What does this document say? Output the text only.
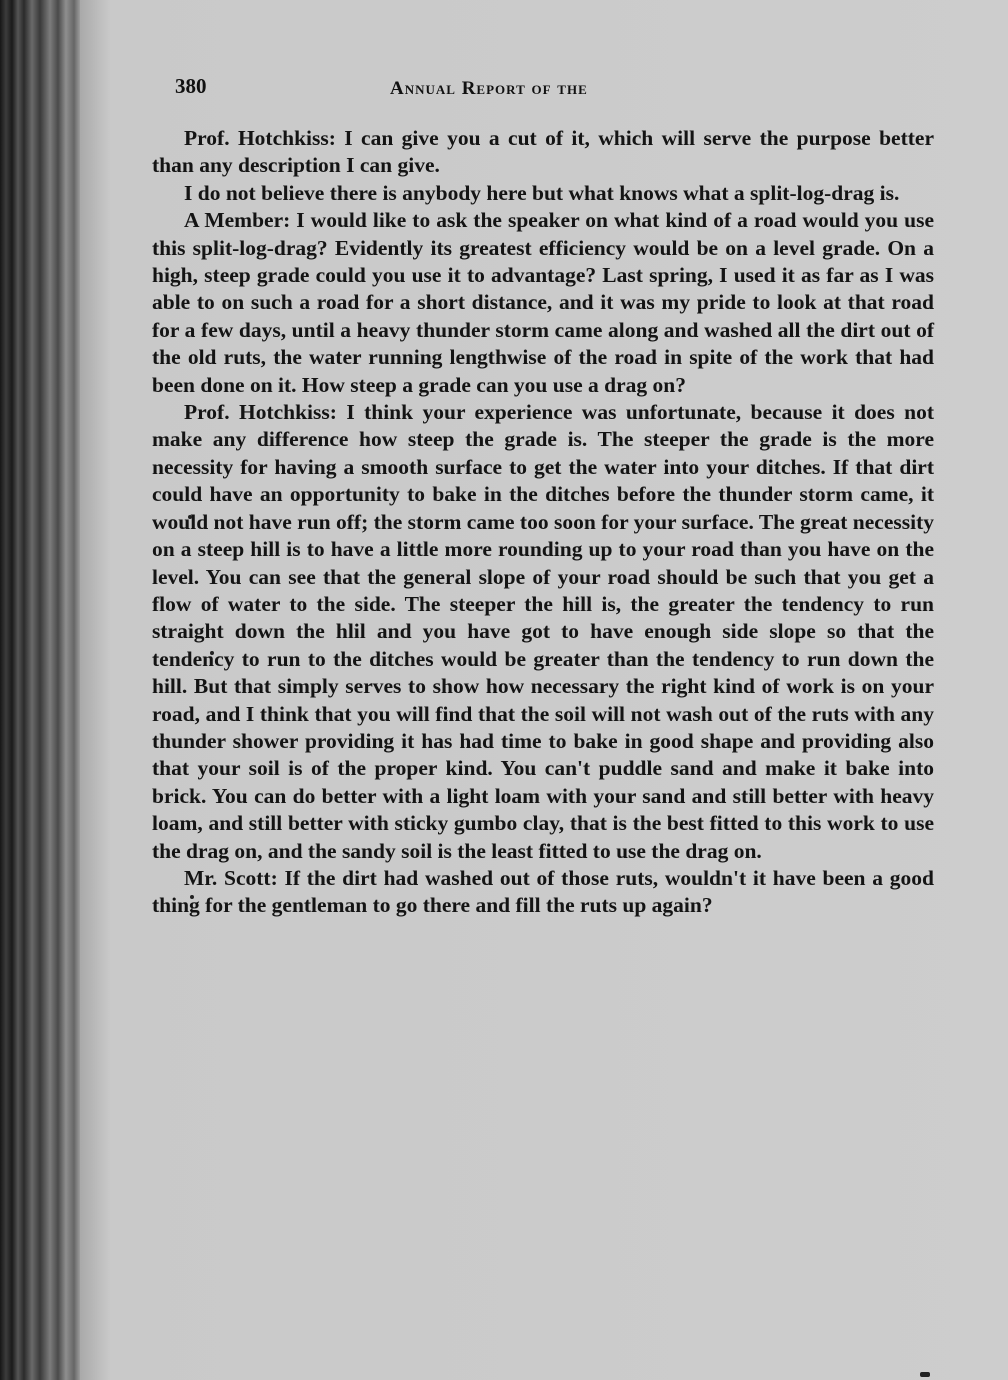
380	Annual Report of the

Prof. Hotchkiss: I can give you a cut of it, which will serve the purpose better than any description I can give.

I do not believe there is anybody here but what knows what a split-log-drag is.

A Member: I would like to ask the speaker on what kind of a road would you use this split-log-drag? Evidently its greatest efficiency would be on a level grade. On a high, steep grade could you use it to advantage? Last spring, I used it as far as I was able to on such a road for a short distance, and it was my pride to look at that road for a few days, until a heavy thunder storm came along and washed all the dirt out of the old ruts, the water running lengthwise of the road in spite of the work that had been done on it. How steep a grade can you use a drag on?

Prof. Hotchkiss: I think your experience was unfortunate, because it does not make any difference how steep the grade is. The steeper the grade is the more necessity for having a smooth surface to get the water into your ditches. If that dirt could have an opportunity to bake in the ditches before the thunder storm came, it would not have run off; the storm came too soon for your surface. The great necessity on a steep hill is to have a little more rounding up to your road than you have on the level. You can see that the general slope of your road should be such that you get a flow of water to the side. The steeper the hill is, the greater the tendency to run straight down the hlil and you have got to have enough side slope so that the tendency to run to the ditches would be greater than the tendency to run down the hill. But that simply serves to show how necessary the right kind of work is on your road, and I think that you will find that the soil will not wash out of the ruts with any thunder shower providing it has had time to bake in good shape and providing also that your soil is of the proper kind. You can't puddle sand and make it bake into brick. You can do better with a light loam with your sand and still better with heavy loam, and still better with sticky gumbo clay, that is the best fitted to this work to use the drag on, and the sandy soil is the least fitted to use the drag on.

Mr. Scott: If the dirt had washed out of those ruts, wouldn't it have been a good thing for the gentleman to go there and fill the ruts up again?
